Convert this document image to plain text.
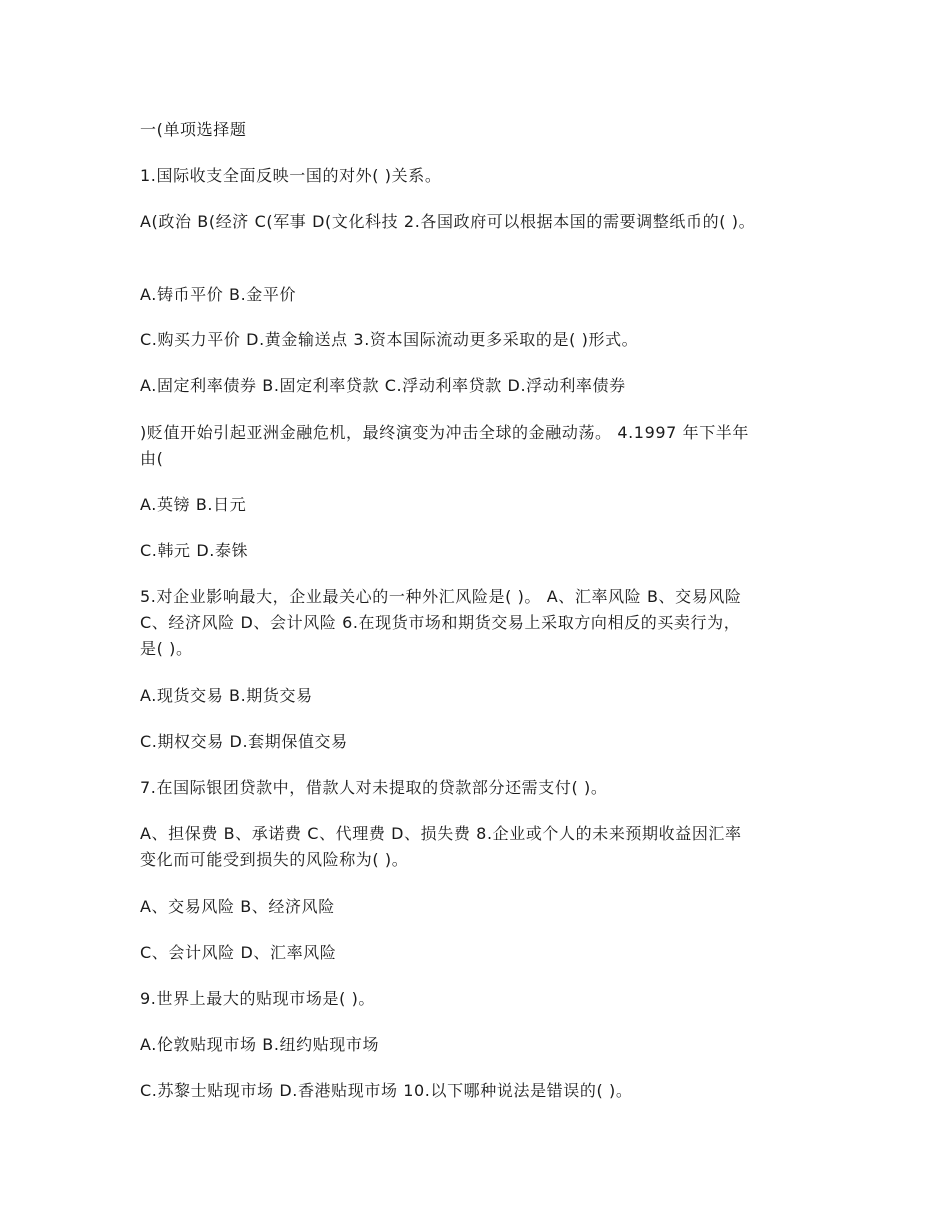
一(单项选择题
1.国际收支全面反映一国的对外( )关系。
A(政治 B(经济 C(军事 D(文化科技 2.各国政府可以根据本国的需要调整纸币的( )。
A.铸币平价 B.金平价
C.购买力平价 D.黄金输送点 3.资本国际流动更多采取的是( )形式。
A.固定利率债券 B.固定利率贷款 C.浮动利率贷款 D.浮动利率债券
)贬值开始引起亚洲金融危机，最终演变为冲击全球的金融动荡。 4.1997 年下半年
由(
A.英镑 B.日元
C.韩元 D.泰铢
5.对企业影响最大，企业最关心的一种外汇风险是( )。 A、汇率风险 B、交易风险
C、经济风险 D、会计风险 6.在现货市场和期货交易上采取方向相反的买卖行为，
是( )。
A.现货交易 B.期货交易
C.期权交易 D.套期保值交易
7.在国际银团贷款中，借款人对未提取的贷款部分还需支付( )。
A、担保费 B、承诺费 C、代理费 D、损失费 8.企业或个人的未来预期收益因汇率
变化而可能受到损失的风险称为( )。
A、交易风险 B、经济风险
C、会计风险 D、汇率风险
9.世界上最大的贴现市场是( )。
A.伦敦贴现市场 B.纽约贴现市场
C.苏黎士贴现市场 D.香港贴现市场 10.以下哪种说法是错误的( )。
